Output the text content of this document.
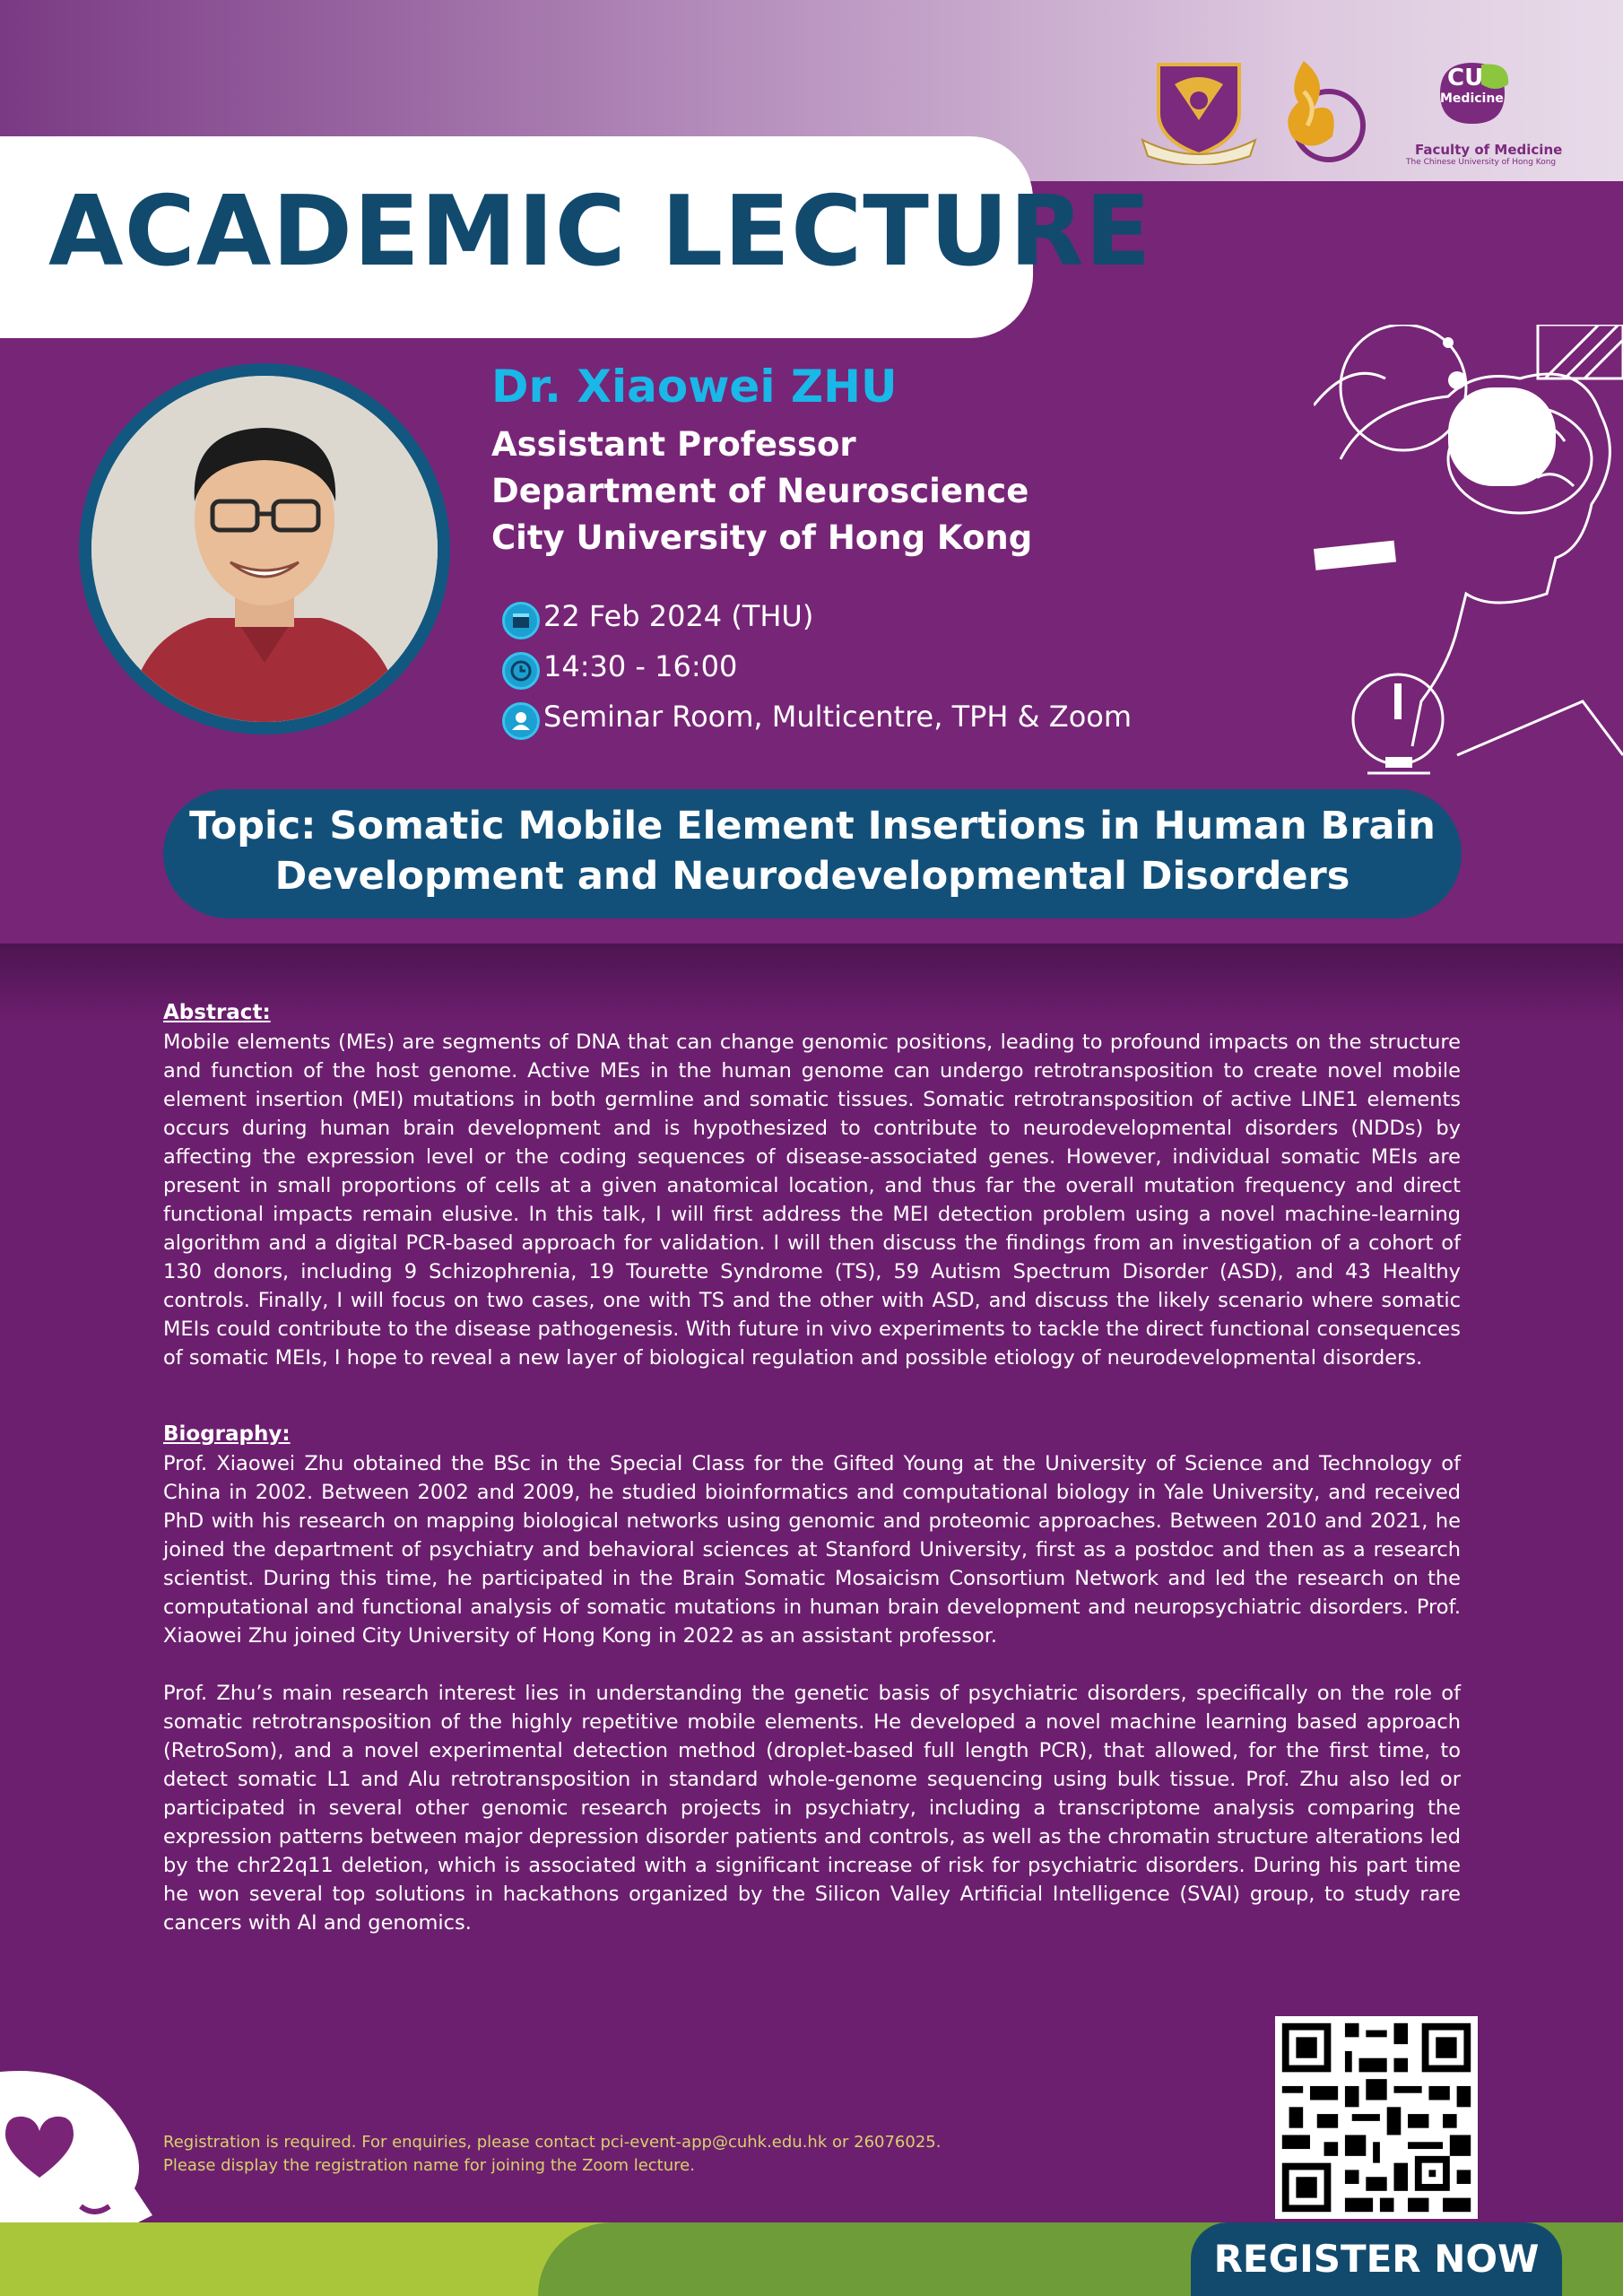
CU
Medicine
Faculty of Medicine
The Chinese University of Hong Kong
ACADEMIC LECTURE
Dr. Xiaowei ZHU
Assistant Professor
Department of Neuroscience
City University of Hong Kong
22 Feb 2024 (THU)
14:30 - 16:00
Seminar Room, Multicentre, TPH & Zoom
Topic: Somatic Mobile Element Insertions in Human Brain
Development and Neurodevelopmental Disorders
Abstract:
Mobile elements (MEs) are segments of DNA that can change genomic positions, leading to profound impacts on the structure and function of the host genome. Active MEs in the human genome can undergo retrotransposition to create novel mobile element insertion (MEI) mutations in both germline and somatic tissues. Somatic retrotransposition of active LINE1 elements occurs during human brain development and is hypothesized to contribute to neurodevelopmental disorders (NDDs) by affecting the expression level or the coding sequences of disease-associated genes. However, individual somatic MEIs are present in small proportions of cells at a given anatomical location, and thus far the overall mutation frequency and direct functional impacts remain elusive. In this talk, I will first address the MEI detection problem using a novel machine-learning algorithm and a digital PCR-based approach for validation. I will then discuss the findings from an investigation of a cohort of 130 donors, including 9 Schizophrenia, 19 Tourette Syndrome (TS), 59 Autism Spectrum Disorder (ASD), and 43 Healthy controls. Finally, I will focus on two cases, one with TS and the other with ASD, and discuss the likely scenario where somatic MEIs could contribute to the disease pathogenesis. With future in vivo experiments to tackle the direct functional consequences of somatic MEIs, I hope to reveal a new layer of biological regulation and possible etiology of neurodevelopmental disorders.
Biography:
Prof. Xiaowei Zhu obtained the BSc in the Special Class for the Gifted Young at the University of Science and Technology of China in 2002. Between 2002 and 2009, he studied bioinformatics and computational biology in Yale University, and received PhD with his research on mapping biological networks using genomic and proteomic approaches. Between 2010 and 2021, he joined the department of psychiatry and behavioral sciences at Stanford University, first as a postdoc and then as a research scientist. During this time, he participated in the Brain Somatic Mosaicism Consortium Network and led the research on the computational and functional analysis of somatic mutations in human brain development and neuropsychiatric disorders. Prof. Xiaowei Zhu joined City University of Hong Kong in 2022 as an assistant professor.
Prof. Zhu’s main research interest lies in understanding the genetic basis of psychiatric disorders, specifically on the role of somatic retrotransposition of the highly repetitive mobile elements. He developed a novel machine learning based approach (RetroSom), and a novel experimental detection method (droplet-based full length PCR), that allowed, for the first time, to detect somatic L1 and Alu retrotransposition in standard whole-genome sequencing using bulk tissue. Prof. Zhu also led or participated in several other genomic research projects in psychiatry, including a transcriptome analysis comparing the expression patterns between major depression disorder patients and controls, as well as the chromatin structure alterations led by the chr22q11 deletion, which is associated with a significant increase of risk for psychiatric disorders. During his part time he won several top solutions in hackathons organized by the Silicon Valley Artificial Intelligence (SVAI) group, to study rare cancers with AI and genomics.
Registration is required. For enquiries, please contact pci-event-app@cuhk.edu.hk or 26076025.
Please display the registration name for joining the Zoom lecture.
REGISTER NOW
